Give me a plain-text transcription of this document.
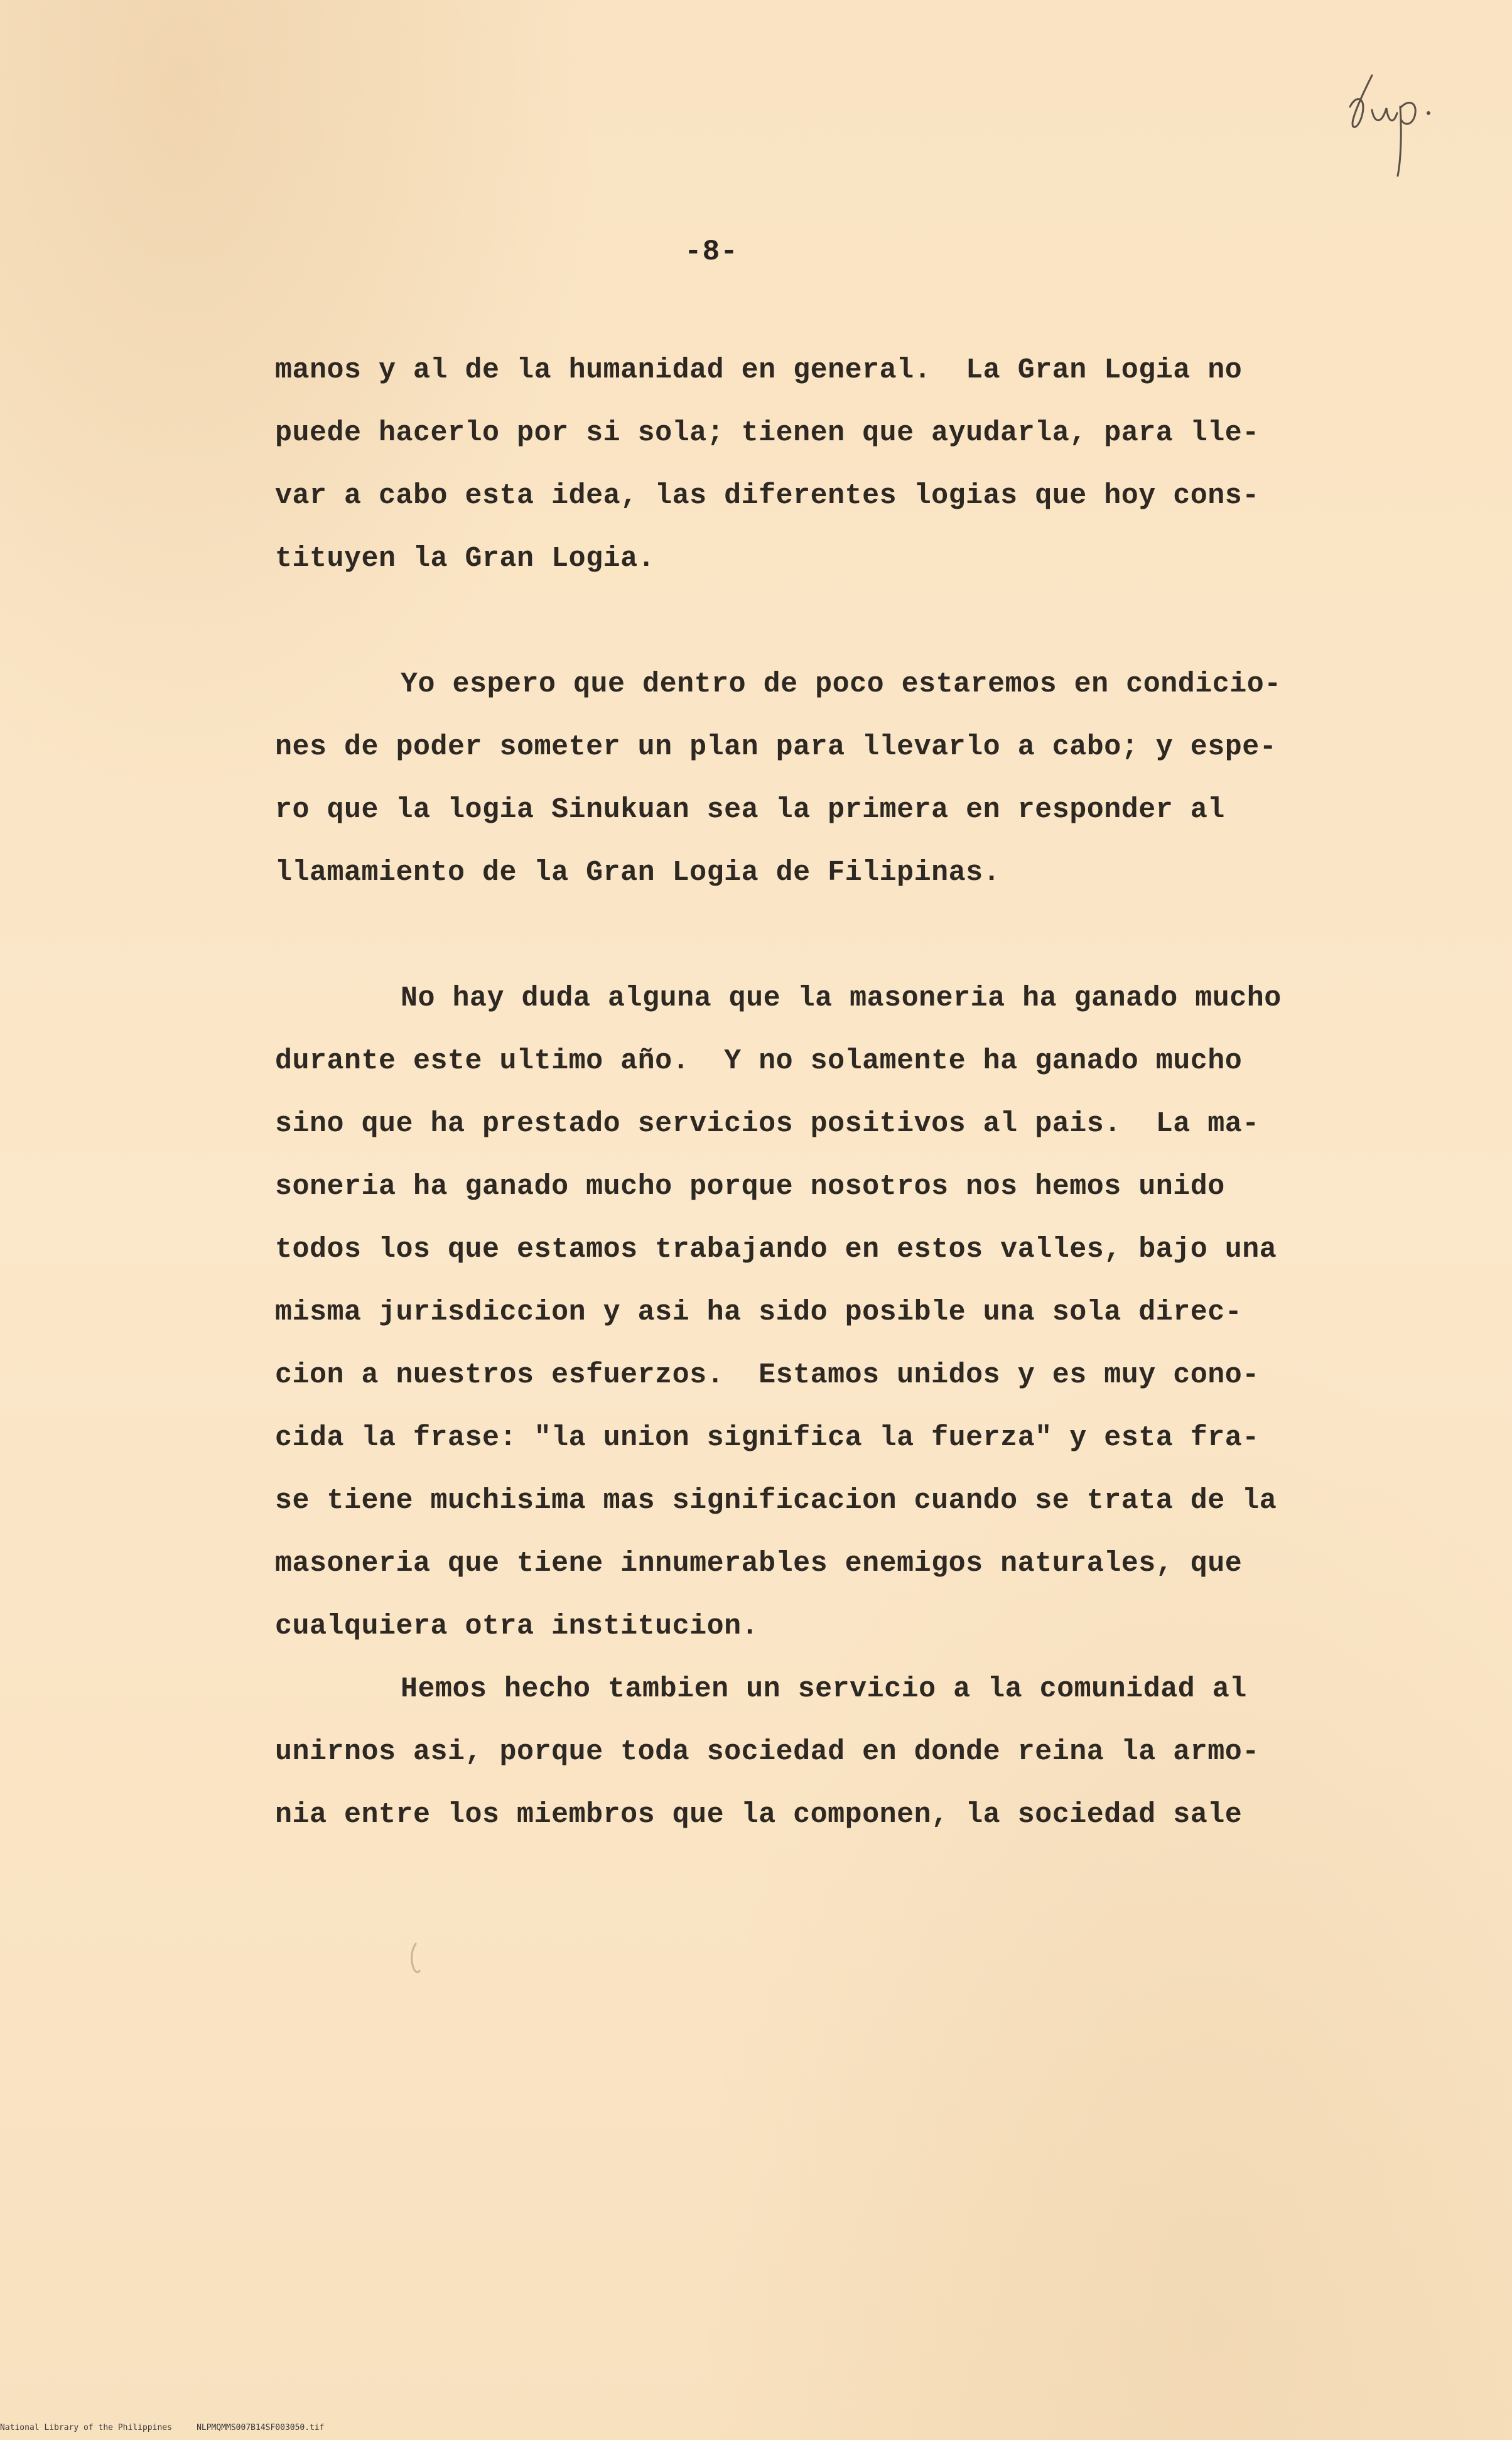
-8-
manos y al de la humanidad en general.  La Gran Logia no
puede hacerlo por si sola; tienen que ayudarla, para lle-
var a cabo esta idea, las diferentes logias que hoy cons-
tituyen la Gran Logia.
Yo espero que dentro de poco estaremos en condicio-
nes de poder someter un plan para llevarlo a cabo; y espe-
ro que la logia Sinukuan sea la primera en responder al
llamamiento de la Gran Logia de Filipinas.
No hay duda alguna que la masoneria ha ganado mucho
durante este ultimo año.  Y no solamente ha ganado mucho
sino que ha prestado servicios positivos al pais.  La ma-
soneria ha ganado mucho porque nosotros nos hemos unido
todos los que estamos trabajando en estos valles, bajo una
misma jurisdiccion y asi ha sido posible una sola direc-
cion a nuestros esfuerzos.  Estamos unidos y es muy cono-
cida la frase: "la union significa la fuerza" y esta fra-
se tiene muchisima mas significacion cuando se trata de la
masoneria que tiene innumerables enemigos naturales, que
cualquiera otra institucion.
Hemos hecho tambien un servicio a la comunidad al
unirnos asi, porque toda sociedad en donde reina la armo-
nia entre los miembros que la componen, la sociedad sale
National Library of the Philippines     NLPMQMMS007B14SF003050.tif
